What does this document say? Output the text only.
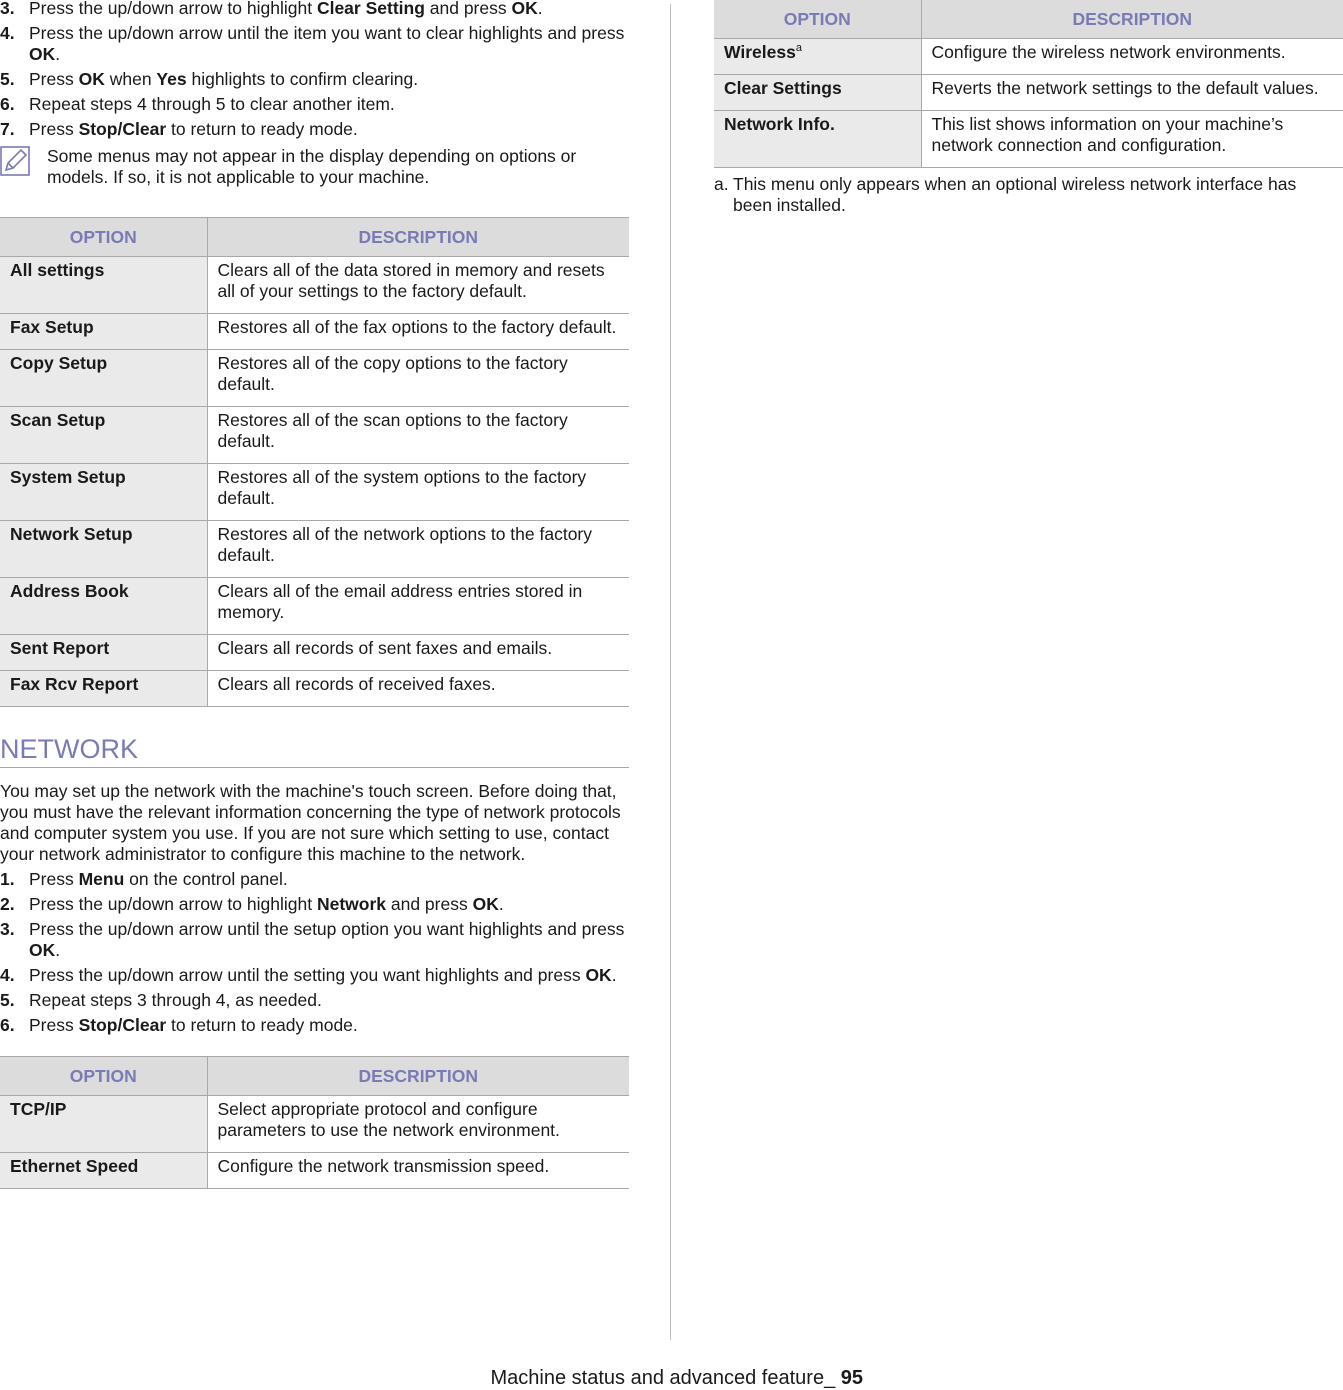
3. Press the up/down arrow to highlight Clear Setting and press OK.
4. Press the up/down arrow until the item you want to clear highlights and press OK.
5. Press OK when Yes highlights to confirm clearing.
6. Repeat steps 4 through 5 to clear another item.
7. Press Stop/Clear to return to ready mode.
Some menus may not appear in the display depending on options or models. If so, it is not applicable to your machine.
OPTION	DESCRIPTION
All settings	Clears all of the data stored in memory and resets all of your settings to the factory default.
Fax Setup	Restores all of the fax options to the factory default.
Copy Setup	Restores all of the copy options to the factory default.
Scan Setup	Restores all of the scan options to the factory default.
System Setup	Restores all of the system options to the factory default.
Network Setup	Restores all of the network options to the factory default.
Address Book	Clears all of the email address entries stored in memory.
Sent Report	Clears all records of sent faxes and emails.
Fax Rcv Report	Clears all records of received faxes.
NETWORK

You may set up the network with the machine's touch screen. Before doing that, you must have the relevant information concerning the type of network protocols and computer system you use. If you are not sure which setting to use, contact your network administrator to configure this machine to the network.

1. Press Menu on the control panel.
2. Press the up/down arrow to highlight Network and press OK.
3. Press the up/down arrow until the setup option you want highlights and press OK.
4. Press the up/down arrow until the setting you want highlights and press OK.
5. Repeat steps 3 through 4, as needed.
6. Press Stop/Clear to return to ready mode.
OPTION	DESCRIPTION
TCP/IP	Select appropriate protocol and configure parameters to use the network environment.
Ethernet Speed	Configure the network transmission speed.
OPTION	DESCRIPTION
Wireless$^a$	Configure the wireless network environments.
Clear Settings	Reverts the network settings to the default values.
Network Info.	This list shows information on your machine’s network connection and configuration.
a. This menu only appears when an optional wireless network interface has been installed.
Machine status and advanced feature_ 95
